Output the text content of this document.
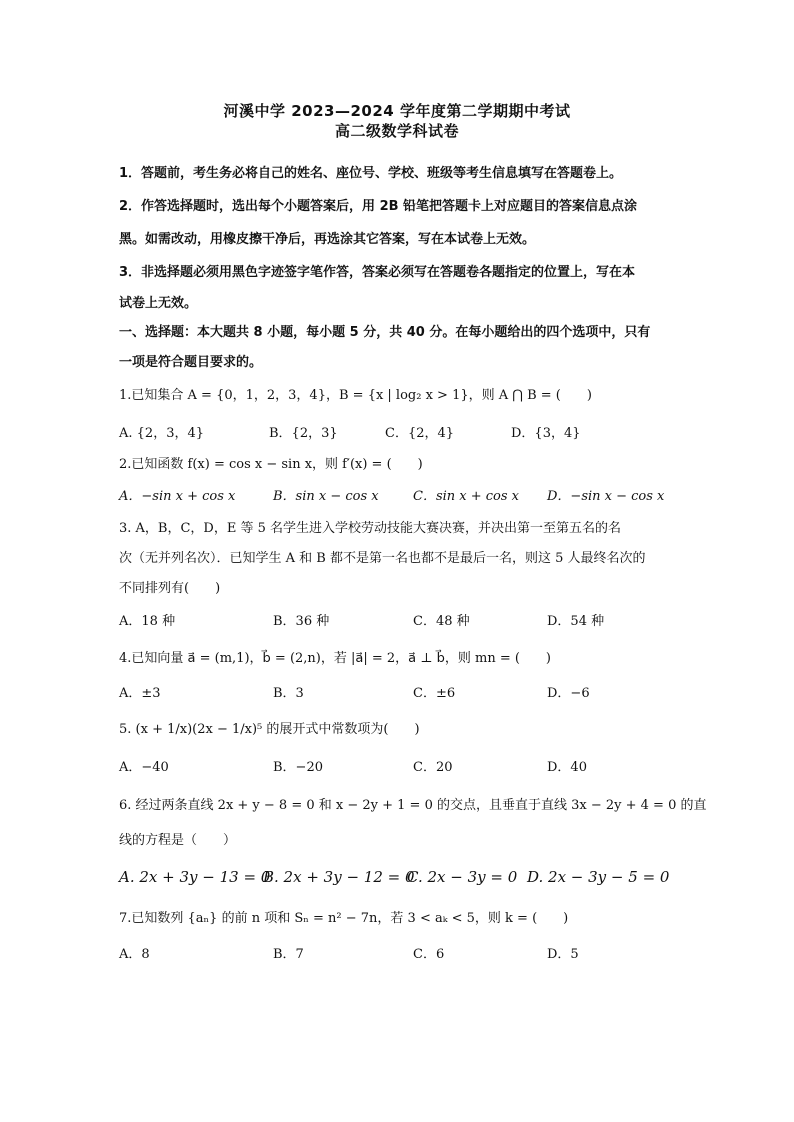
河溪中学 2023—2024 学年度第二学期期中考试
高二级数学科试卷
1．答题前，考生务必将自己的姓名、座位号、学校、班级等考生信息填写在答题卷上。
2．作答选择题时，选出每个小题答案后，用 2B 铅笔把答题卡上对应题目的答案信息点涂
黑。如需改动，用橡皮擦干净后，再选涂其它答案，写在本试卷上无效。
3．非选择题必须用黑色字迹签字笔作答，答案必须写在答题卷各题指定的位置上，写在本
试卷上无效。
一、选择题：本大题共 8 小题，每小题 5 分，共 40 分。在每小题给出的四个选项中，只有
一项是符合题目要求的。
1.已知集合 A = {0，1，2，3，4}，B = {x | log₂ x > 1}，则 A ⋂ B = (　　)
A. {2，3，4}	B．{2，3}	C．{2，4}	D．{3，4}
2.已知函数 f(x) = cos x − sin x，则 f′(x) = (　　)
A．−sin x + cos x	B．sin x − cos x	C．sin x + cos x D．−sin x − cos x
3. A，B，C，D，E 等 5 名学生进入学校劳动技能大赛决赛，并决出第一至第五名的名
次（无并列名次）．已知学生 A 和 B 都不是第一名也都不是最后一名，则这 5 人最终名次的
不同排列有(　　)
A．18 种	B．36 种	C．48 种	D．54 种
4.已知向量 a⃗ = (m,1)，b⃗ = (2,n)，若 |a⃗| = 2，a⃗ ⊥ b⃗，则 mn = (　　)
A．±3	B．3	C．±6	D．−6
5. (x + 1/x)(2x − 1/x)⁵ 的展开式中常数项为(　　)
A．−40	B．−20	C．20	D．40
6. 经过两条直线 2x + y − 8 = 0 和 x − 2y + 1 = 0 的交点，且垂直于直线 3x − 2y + 4 = 0 的直
线的方程是（　　）
A. 2x + 3y − 13 = 0
B. 2x + 3y − 12 = 0
C. 2x − 3y = 0 D. 2x − 3y − 5 = 0
7.已知数列 {aₙ} 的前 n 项和 Sₙ = n² − 7n，若 3 < aₖ < 5，则 k = (　　)
A．8	B．7	C．6	D．5
